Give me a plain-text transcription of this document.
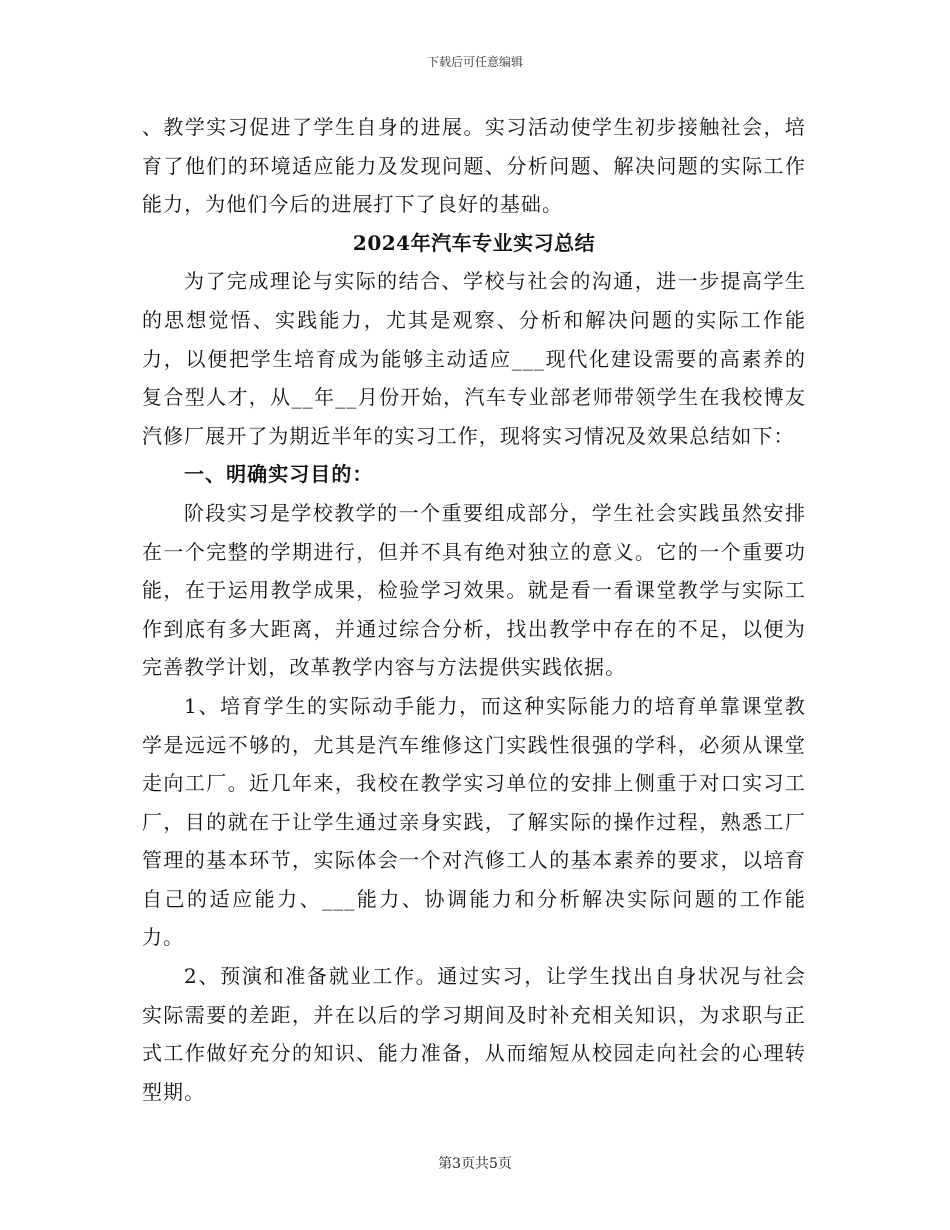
下载后可任意编辑

、教学实习促进了学生自身的进展。实习活动使学生初步接触社会，培育了他们的环境适应能力及发现问题、分析问题、解决问题的实际工作能力，为他们今后的进展打下了良好的基础。

2024年汽车专业实习总结

为了完成理论与实际的结合、学校与社会的沟通，进一步提高学生的思想觉悟、实践能力，尤其是观察、分析和解决问题的实际工作能力，以便把学生培育成为能够主动适应___现代化建设需要的高素养的复合型人才，从__年__月份开始，汽车专业部老师带领学生在我校博友汽修厂展开了为期近半年的实习工作，现将实习情况及效果总结如下：

一、明确实习目的：

阶段实习是学校教学的一个重要组成部分，学生社会实践虽然安排在一个完整的学期进行，但并不具有绝对独立的意义。它的一个重要功能，在于运用教学成果，检验学习效果。就是看一看课堂教学与实际工作到底有多大距离，并通过综合分析，找出教学中存在的不足，以便为完善教学计划，改革教学内容与方法提供实践依据。

1、培育学生的实际动手能力，而这种实际能力的培育单靠课堂教学是远远不够的，尤其是汽车维修这门实践性很强的学科，必须从课堂走向工厂。近几年来，我校在教学实习单位的安排上侧重于对口实习工厂，目的就在于让学生通过亲身实践，了解实际的操作过程，熟悉工厂管理的基本环节，实际体会一个对汽修工人的基本素养的要求，以培育自己的适应能力、___能力、协调能力和分析解决实际问题的工作能力。

2、预演和准备就业工作。通过实习，让学生找出自身状况与社会实际需要的差距，并在以后的学习期间及时补充相关知识，为求职与正式工作做好充分的知识、能力准备，从而缩短从校园走向社会的心理转型期。

第3页共5页
